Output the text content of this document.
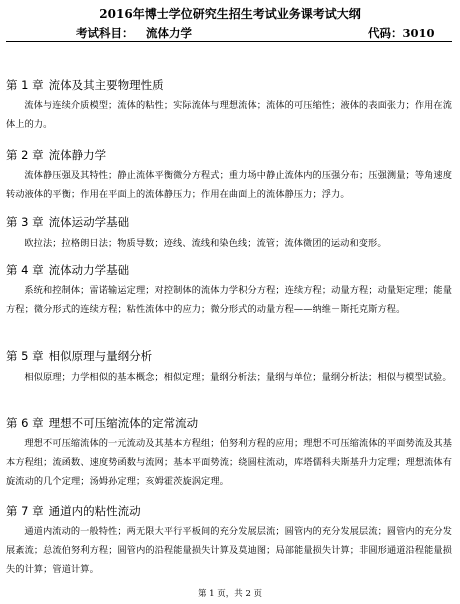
2016年博士学位研究生招生考试业务课考试大纲
考试科目： 流体力学	代码：3010
第 1 章 流体及其主要物理性质
流体与连续介质模型；流体的粘性；实际流体与理想流体；流体的可压缩性；液体的表面张力；作用在流体上的力。
第 2 章 流体静力学
流体静压强及其特性；静止流体平衡微分方程式；重力场中静止流体内的压强分布；压强测量；等角速度转动液体的平衡；作用在平面上的流体静压力；作用在曲面上的流体静压力；浮力。
第 3 章 流体运动学基础
欧拉法；拉格朗日法；物质导数；迹线、流线和染色线；流管；流体微团的运动和变形。
第 4 章 流体动力学基础
系统和控制体；雷诺输运定理；对控制体的流体力学积分方程；连续方程；动量方程；动量矩定理；能量方程；微分形式的连续方程；粘性流体中的应力；微分形式的动量方程——纳维－斯托克斯方程。
第 5 章 相似原理与量纲分析
相似原理；力学相似的基本概念；相似定理；量纲分析法；量纲与单位；量纲分析法；相似与模型试验。
第 6 章 理想不可压缩流体的定常流动
理想不可压缩流体的一元流动及其基本方程组；伯努利方程的应用；理想不可压缩流体的平面势流及其基本方程组；流函数、速度势函数与流网；基本平面势流；绕圆柱流动，库塔儒科夫斯基升力定理；理想流体有旋流动的几个定理；汤姆孙定理；亥姆霍茨旋涡定理。
第 7 章 通道内的粘性流动
通道内流动的一般特性；两无限大平行平板间的充分发展层流；圆管内的充分发展层流；圆管内的充分发展紊流；总流伯努利方程；圆管内的沿程能量损失计算及莫迪图；局部能量损失计算；非圆形通道沿程能量损失的计算；管道计算。
第 1 页，共 2 页
